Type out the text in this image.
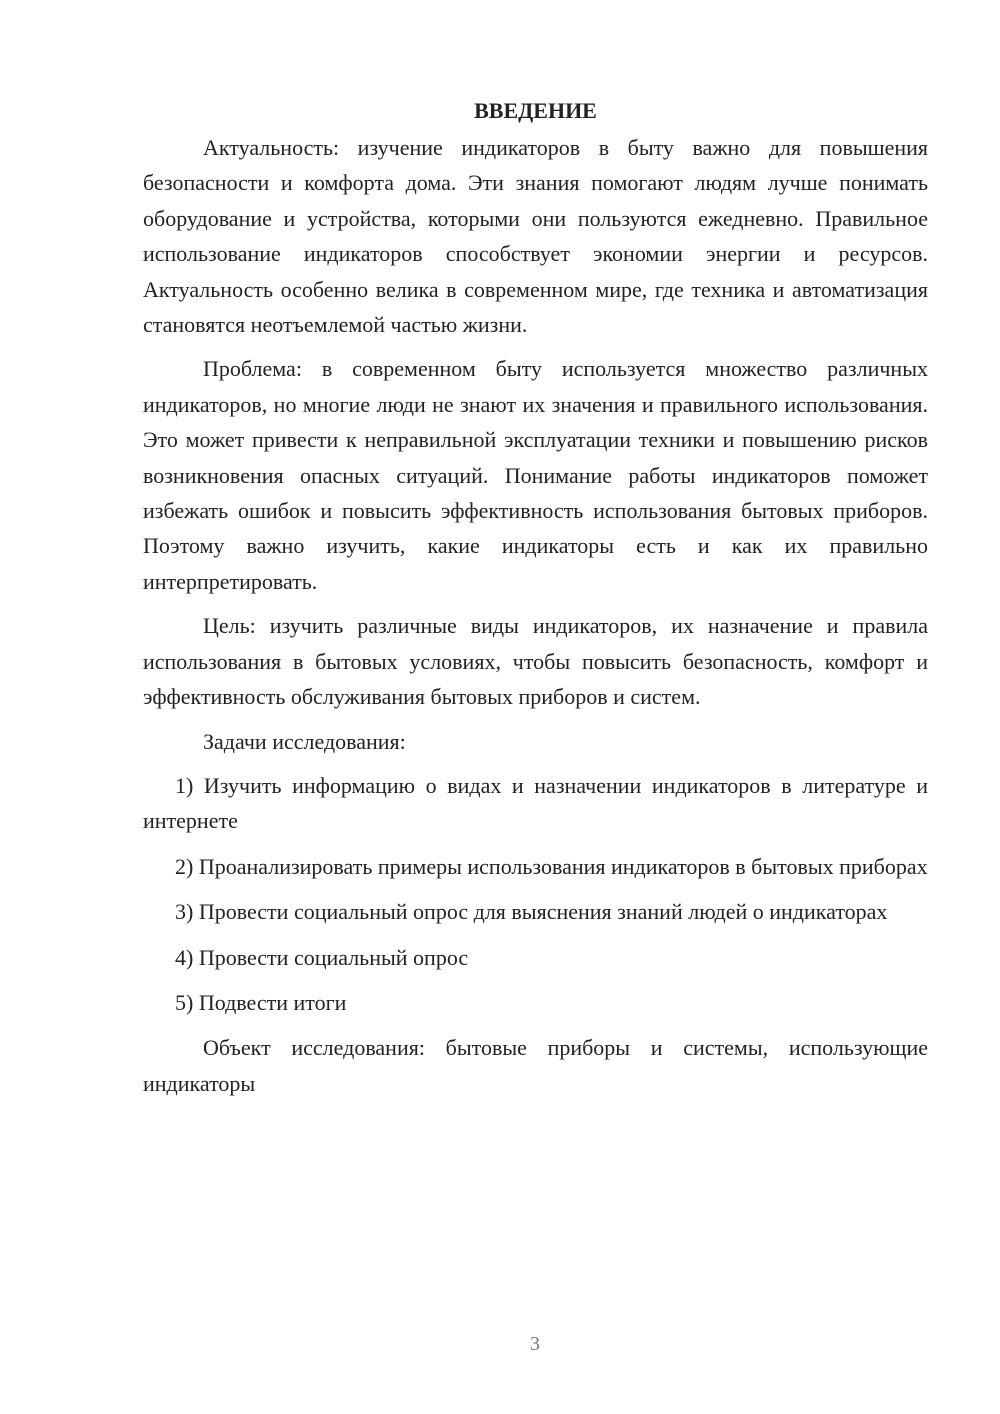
ВВЕДЕНИЕ

Актуальность: изучение индикаторов в быту важно для повышения безопасности и комфорта дома. Эти знания помогают людям лучше понимать оборудование и устройства, которыми они пользуются ежедневно. Правильное использование индикаторов способствует экономии энергии и ресурсов. Актуальность особенно велика в современном мире, где техника и автоматизация становятся неотъемлемой частью жизни.

Проблема: в современном быту используется множество различных индикаторов, но многие люди не знают их значения и правильного использования. Это может привести к неправильной эксплуатации техники и повышению рисков возникновения опасных ситуаций. Понимание работы индикаторов поможет избежать ошибок и повысить эффективность использования бытовых приборов. Поэтому важно изучить, какие индикаторы есть и как их правильно интерпретировать.

Цель: изучить различные виды индикаторов, их назначение и правила использования в бытовых условиях, чтобы повысить безопасность, комфорт и эффективность обслуживания бытовых приборов и систем.

Задачи исследования:

1) Изучить информацию о видах и назначении индикаторов в литературе и интернете

2) Проанализировать примеры использования индикаторов в бытовых приборах

3) Провести социальный опрос для выяснения знаний людей о индикаторах

4) Провести социальный опрос

5) Подвести итоги

Объект исследования: бытовые приборы и системы, использующие индикаторы

3
